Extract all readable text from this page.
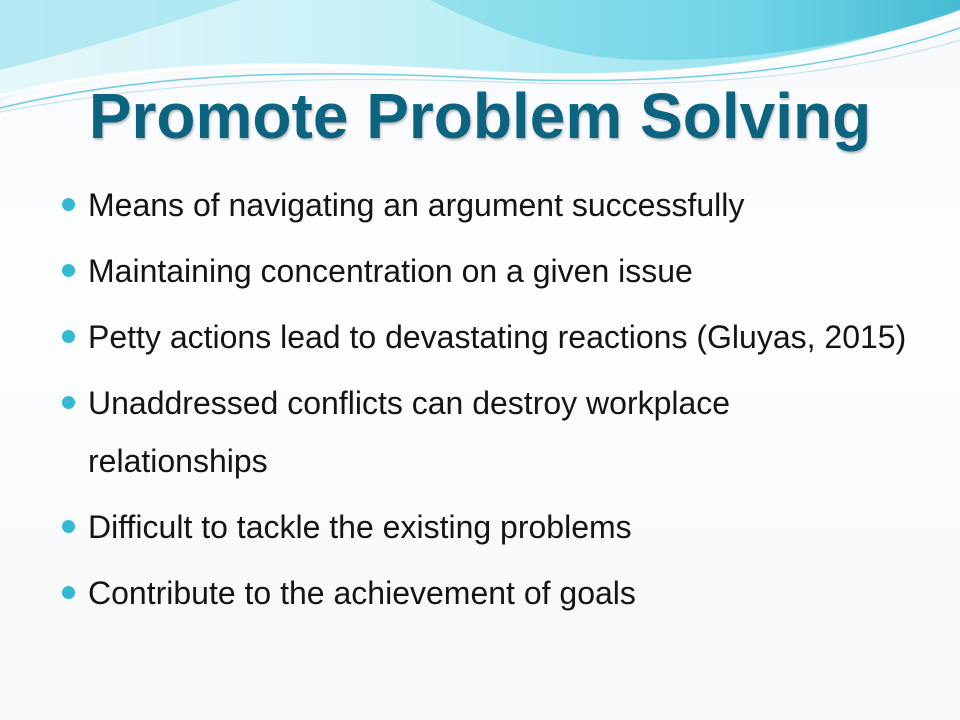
Promote Problem Solving
Means of navigating an argument successfully
Maintaining concentration on a given issue
Petty actions lead to devastating reactions (Gluyas, 2015)
Unaddressed conflicts can destroy workplace relationships
Difficult to tackle the existing problems
Contribute to the achievement of goals
